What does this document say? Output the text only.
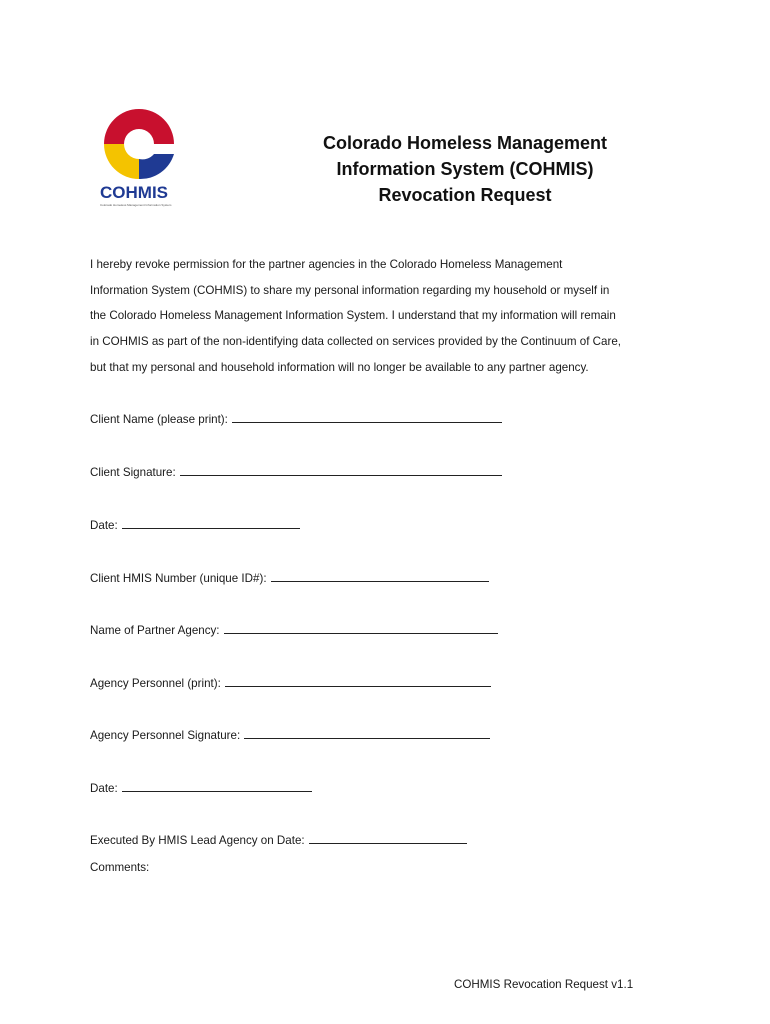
COHMIS
Colorado Homeless Management Information System
Colorado Homeless Management
Information System (COHMIS)
Revocation Request
I hereby revoke permission for the partner agencies in the Colorado Homeless Management
Information System (COHMIS) to share my personal information regarding my household or myself in
the Colorado Homeless Management Information System. I understand that my information will remain
in COHMIS as part of the non-identifying data collected on services provided by the Continuum of Care,
but that my personal and household information will no longer be available to any partner agency.
Client Name (please print):
Client Signature:
Date:
Client HMIS Number (unique ID#):
Name of Partner Agency:
Agency Personnel (print):
Agency Personnel Signature:
Date:
Executed By HMIS Lead Agency on Date:
Comments:
COHMIS Revocation Request v1.1
